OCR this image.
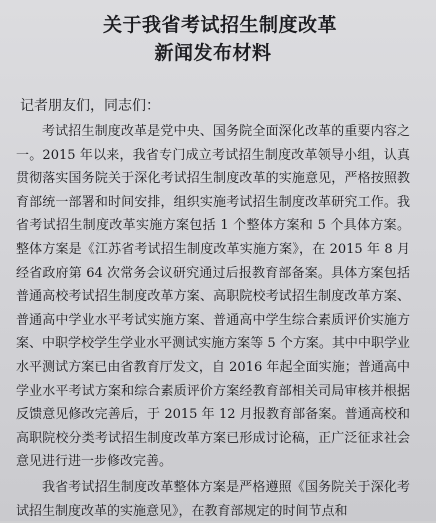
关于我省考试招生制度改革
新闻发布材料
记者朋友们，同志们：

考试招生制度改革是党中央、国务院全面深化改革的重要内容之一。2015 年以来，我省专门成立考试招生制度改革领导小组，认真贯彻落实国务院关于深化考试招生制度改革的实施意见，严格按照教育部统一部署和时间安排，组织实施考试招生制度改革研究工作。我省考试招生制度改革实施方案包括 1 个整体方案和 5 个具体方案。整体方案是《江苏省考试招生制度改革实施方案》，在 2015 年 8 月经省政府第 64 次常务会议研究通过后报教育部备案。具体方案包括普通高校考试招生制度改革方案、高职院校考试招生制度改革方案、普通高中学业水平考试实施方案、普通高中学生综合素质评价实施方案、中职学校学生学业水平测试实施方案等 5 个方案。其中中职学业水平测试方案已由省教育厅发文，自 2016 年起全面实施；普通高中学业水平考试方案和综合素质评价方案经教育部相关司局审核并根据反馈意见修改完善后，于 2015 年 12 月报教育部备案。普通高校和高职院校分类考试招生制度改革方案已形成讨论稿，正广泛征求社会意见进行进一步修改完善。

我省考试招生制度改革整体方案是严格遵照《国务院关于深化考试招生制度改革的实施意见》，在教育部规定的时间节点和
